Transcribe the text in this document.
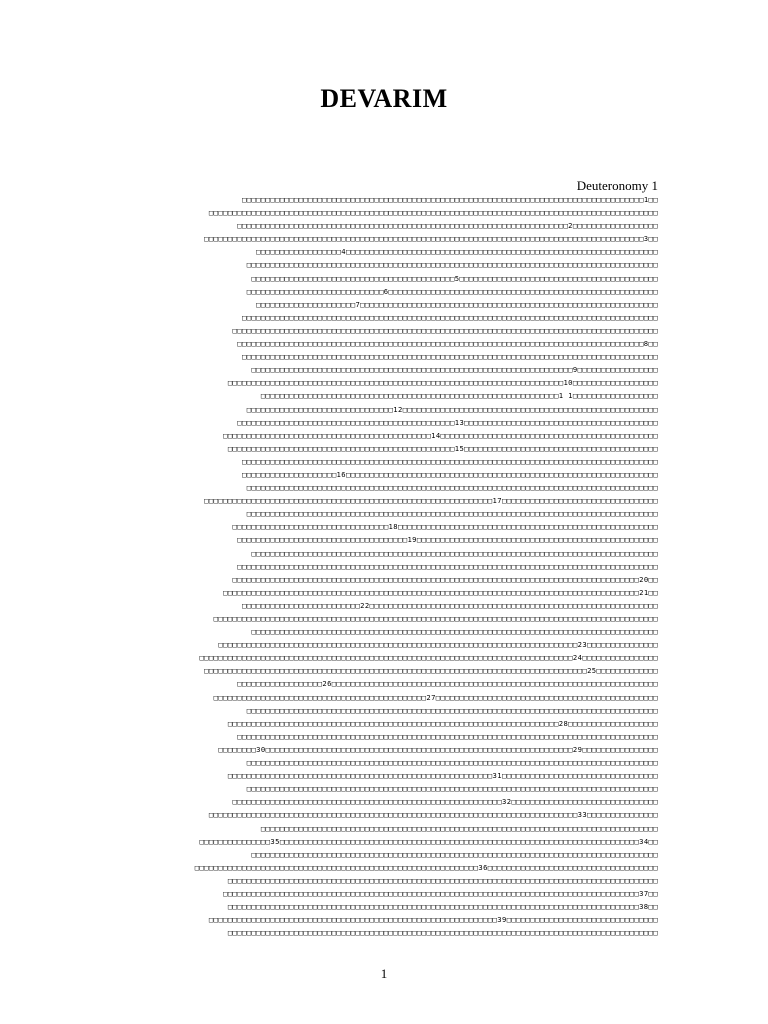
DEVARIM
Deuteronomy 1
□□□□□□□□□□□□□□□□□□□□□□□□□□□□□□□□□□□□□□□□□□□□□□□□□□□□□□□□□□□□□□□□□□□□□□□□□□□□□□□□□□□□□1□□
□□□□□□□□□□□□□□□□□□□□□□□□□□□□□□□□□□□□□□□□□□□□□□□□□□□□□□□□□□□□□□□□□□□□□□□□□□□□□□□□□□□□□□□□□□□□□□□
□□□□□□□□□□□□□□□□□□□□□□□□□□□□□□□□□□□□□□□□□□□□□□□□□□□□□□□□□□□□□□□□□□□□□□2□□□□□□□□□□□□□□□□□□
□□□□□□□□□□□□□□□□□□□□□□□□□□□□□□□□□□□□□□□□□□□□□□□□□□□□□□□□□□□□□□□□□□□□□□□□□□□□□□□□□□□□□□□□□□□□□3□□
□□□□□□□□□□□□□□□□□□4□□□□□□□□□□□□□□□□□□□□□□□□□□□□□□□□□□□□□□□□□□□□□□□□□□□□□□□□□□□□□□□□□□
□□□□□□□□□□□□□□□□□□□□□□□□□□□□□□□□□□□□□□□□□□□□□□□□□□□□□□□□□□□□□□□□□□□□□□□□□□□□□□□□□□□□□□□
□□□□□□□□□□□□□□□□□□□□□□□□□□□□□□□□□□□□□□□□□□□5□□□□□□□□□□□□□□□□□□□□□□□□□□□□□□□□□□□□□□□□□□
□□□□□□□□□□□□□□□□□□□□□□□□□□□□□6□□□□□□□□□□□□□□□□□□□□□□□□□□□□□□□□□□□□□□□□□□□□□□□□□□□□□□□□□
□□□□□□□□□□□□□□□□□□□□□7□□□□□□□□□□□□□□□□□□□□□□□□□□□□□□□□□□□□□□□□□□□□□□□□□□□□□□□□□□□□□□□
□□□□□□□□□□□□□□□□□□□□□□□□□□□□□□□□□□□□□□□□□□□□□□□□□□□□□□□□□□□□□□□□□□□□□□□□□□□□□□□□□□□□□□□□
□□□□□□□□□□□□□□□□□□□□□□□□□□□□□□□□□□□□□□□□□□□□□□□□□□□□□□□□□□□□□□□□□□□□□□□□□□□□□□□□□□□□□□□□□□
□□□□□□□□□□□□□□□□□□□□□□□□□□□□□□□□□□□□□□□□□□□□□□□□□□□□□□□□□□□□□□□□□□□□□□□□□□□□□□□□□□□□□□8□□
□□□□□□□□□□□□□□□□□□□□□□□□□□□□□□□□□□□□□□□□□□□□□□□□□□□□□□□□□□□□□□□□□□□□□□□□□□□□□□□□□□□□□□□□
□□□□□□□□□□□□□□□□□□□□□□□□□□□□□□□□□□□□□□□□□□□□□□□□□□□□□□□□□□□□□□□□□□□□9□□□□□□□□□□□□□□□□□
□□□□□□□□□□□□□□□□□□□□□□□□□□□□□□□□□□□□□□□□□□□□□□□□□□□□□□□□□□□□□□□□□□□□□□□10□□□□□□□□□□□□□□□□□□
□□□□□□□□□□□□□□□□□□□□□□□□□□□□□□□□□□□□□□□□□□□□□□□□□□□□□□□□□□□□□□□1 1□□□□□□□□□□□□□□□□□□
□□□□□□□□□□□□□□□□□□□□□□□□□□□□□□□12□□□□□□□□□□□□□□□□□□□□□□□□□□□□□□□□□□□□□□□□□□□□□□□□□□□□□□
□□□□□□□□□□□□□□□□□□□□□□□□□□□□□□□□□□□□□□□□□□□□□□13□□□□□□□□□□□□□□□□□□□□□□□□□□□□□□□□□□□□□□□□□
□□□□□□□□□□□□□□□□□□□□□□□□□□□□□□□□□□□□□□□□□□□□14□□□□□□□□□□□□□□□□□□□□□□□□□□□□□□□□□□□□□□□□□□□□□□
□□□□□□□□□□□□□□□□□□□□□□□□□□□□□□□□□□□□□□□□□□□□□□□□15□□□□□□□□□□□□□□□□□□□□□□□□□□□□□□□□□□□□□□□□□
□□□□□□□□□□□□□□□□□□□□□□□□□□□□□□□□□□□□□□□□□□□□□□□□□□□□□□□□□□□□□□□□□□□□□□□□□□□□□□□□□□□□□□□□
□□□□□□□□□□□□□□□□□□□□16□□□□□□□□□□□□□□□□□□□□□□□□□□□□□□□□□□□□□□□□□□□□□□□□□□□□□□□□□□□□□□□□□□
□□□□□□□□□□□□□□□□□□□□□□□□□□□□□□□□□□□□□□□□□□□□□□□□□□□□□□□□□□□□□□□□□□□□□□□□□□□□□□□□□□□□□□□
□□□□□□□□□□□□□□□□□□□□□□□□□□□□□□□□□□□□□□□□□□□□□□□□□□□□□□□□□□□□□17□□□□□□□□□□□□□□□□□□□□□□□□□□□□□□□□□
□□□□□□□□□□□□□□□□□□□□□□□□□□□□□□□□□□□□□□□□□□□□□□□□□□□□□□□□□□□□□□□□□□□□□□□□□□□□□□□□□□□□□□□
□□□□□□□□□□□□□□□□□□□□□□□□□□□□□□□□□18□□□□□□□□□□□□□□□□□□□□□□□□□□□□□□□□□□□□□□□□□□□□□□□□□□□□□□□
□□□□□□□□□□□□□□□□□□□□□□□□□□□□□□□□□□□□19□□□□□□□□□□□□□□□□□□□□□□□□□□□□□□□□□□□□□□□□□□□□□□□□□□□
□□□□□□□□□□□□□□□□□□□□□□□□□□□□□□□□□□□□□□□□□□□□□□□□□□□□□□□□□□□□□□□□□□□□□□□□□□□□□□□□□□□□□□
□□□□□□□□□□□□□□□□□□□□□□□□□□□□□□□□□□□□□□□□□□□□□□□□□□□□□□□□□□□□□□□□□□□□□□□□□□□□□□□□□□□□□□□□□
□□□□□□□□□□□□□□□□□□□□□□□□□□□□□□□□□□□□□□□□□□□□□□□□□□□□□□□□□□□□□□□□□□□□□□□□□□□□□□□□□□□□□□20□□
□□□□□□□□□□□□□□□□□□□□□□□□□□□□□□□□□□□□□□□□□□□□□□□□□□□□□□□□□□□□□□□□□□□□□□□□□□□□□□□□□□□□□□□□21□□
□□□□□□□□□□□□□□□□□□□□□□□□□22□□□□□□□□□□□□□□□□□□□□□□□□□□□□□□□□□□□□□□□□□□□□□□□□□□□□□□□□□□□□□
□□□□□□□□□□□□□□□□□□□□□□□□□□□□□□□□□□□□□□□□□□□□□□□□□□□□□□□□□□□□□□□□□□□□□□□□□□□□□□□□□□□□□□□□□□□□□□
□□□□□□□□□□□□□□□□□□□□□□□□□□□□□□□□□□□□□□□□□□□□□□□□□□□□□□□□□□□□□□□□□□□□□□□□□□□□□□□□□□□□□□
□□□□□□□□□□□□□□□□□□□□□□□□□□□□□□□□□□□□□□□□□□□□□□□□□□□□□□□□□□□□□□□□□□□□□□□□□□□□23□□□□□□□□□□□□□□□
□□□□□□□□□□□□□□□□□□□□□□□□□□□□□□□□□□□□□□□□□□□□□□□□□□□□□□□□□□□□□□□□□□□□□□□□□□□□□□□24□□□□□□□□□□□□□□□□
□□□□□□□□□□□□□□□□□□□□□□□□□□□□□□□□□□□□□□□□□□□□□□□□□□□□□□□□□□□□□□□□□□□□□□□□□□□□□□□□□25□□□□□□□□□□□□□
□□□□□□□□□□□□□□□□□□26□□□□□□□□□□□□□□□□□□□□□□□□□□□□□□□□□□□□□□□□□□□□□□□□□□□□□□□□□□□□□□□□□□□□□
□□□□□□□□□□□□□□□□□□□□□□□□□□□□□□□□□□□□□□□□□□□□□27□□□□□□□□□□□□□□□□□□□□□□□□□□□□□□□□□□□□□□□□□□□□□□□
□□□□□□□□□□□□□□□□□□□□□□□□□□□□□□□□□□□□□□□□□□□□□□□□□□□□□□□□□□□□□□□□□□□□□□□□□□□□□□□□□□□□□□□
□□□□□□□□□□□□□□□□□□□□□□□□□□□□□□□□□□□□□□□□□□□□□□□□□□□□□□□□□□□□□□□□□□□□□□28□□□□□□□□□□□□□□□□□□□
□□□□□□□□□□□□□□□□□□□□□□□□□□□□□□□□□□□□□□□□□□□□□□□□□□□□□□□□□□□□□□□□□□□□□□□□□□□□□□□□□□□□□□□□□
□□□□□□□□30□□□□□□□□□□□□□□□□□□□□□□□□□□□□□□□□□□□□□□□□□□□□□□□□□□□□□□□□□□□□□□□□□29□□□□□□□□□□□□□□□□
□□□□□□□□□□□□□□□□□□□□□□□□□□□□□□□□□□□□□□□□□□□□□□□□□□□□□□□□□□□□□□□□□□□□□□□□□□□□□□□□□□□□□□□
□□□□□□□□□□□□□□□□□□□□□□□□□□□□□□□□□□□□□□□□□□□□□□□□□□□□□□□□31□□□□□□□□□□□□□□□□□□□□□□□□□□□□□□□□□
□□□□□□□□□□□□□□□□□□□□□□□□□□□□□□□□□□□□□□□□□□□□□□□□□□□□□□□□□□□□□□□□□□□□□□□□□□□□□□□□□□□□□□□
□□□□□□□□□□□□□□□□□□□□□□□□□□□□□□□□□□□□□□□□□□□□□□□□□□□□□□□□□32□□□□□□□□□□□□□□□□□□□□□□□□□□□□□□□
□□□□□□□□□□□□□□□□□□□□□□□□□□□□□□□□□□□□□□□□□□□□□□□□□□□□□□□□□□□□□□□□□□□□□□□□□□□□□□33□□□□□□□□□□□□□□□
□□□□□□□□□□□□□□□□□□□□□□□□□□□□□□□□□□□□□□□□□□□□□□□□□□□□□□□□□□□□□□□□□□□□□□□□□□□□□□□□□□□□
□□□□□□□□□□□□□□□35□□□□□□□□□□□□□□□□□□□□□□□□□□□□□□□□□□□□□□□□□□□□□□□□□□□□□□□□□□□□□□□□□□□□□□□□□□□□34□□
□□□□□□□□□□□□□□□□□□□□□□□□□□□□□□□□□□□□□□□□□□□□□□□□□□□□□□□□□□□□□□□□□□□□□□□□□□□□□□□□□□□□□□
□□□□□□□□□□□□□□□□□□□□□□□□□□□□□□□□□□□□□□□□□□□□□□□□□□□□□□□□□□□□36□□□□□□□□□□□□□□□□□□□□□□□□□□□□□□□□□□□□
□□□□□□□□□□□□□□□□□□□□□□□□□□□□□□□□□□□□□□□□□□□□□□□□□□□□□□□□□□□□□□□□□□□□□□□□□□□□□□□□□□□□□□□□□□□
□□□□□□□□□□□□□□□□□□□□□□□□□□□□□□□□□□□□□□□□□□□□□□□□□□□□□□□□□□□□□□□□□□□□□□□□□□□□□□□□□□□□□□□□37□□
□□□□□□□□□□□□□□□□□□□□□□□□□□□□□□□□□□□□□□□□□□□□□□□□□□□□□□□□□□□□□□□□□□□□□□□□□□□□□□□□□□□□□□□38□□
□□□□□□□□□□□□□□□□□□□□□□□□□□□□□□□□□□□□□□□□□□□□□□□□□□□□□□□□□□□□□39□□□□□□□□□□□□□□□□□□□□□□□□□□□□□□□□
□□□□□□□□□□□□□□□□□□□□□□□□□□□□□□□□□□□□□□□□□□□□□□□□□□□□□□□□□□□□□□□□□□□□□□□□□□□□□□□□□□□□□□□□□□□
1
